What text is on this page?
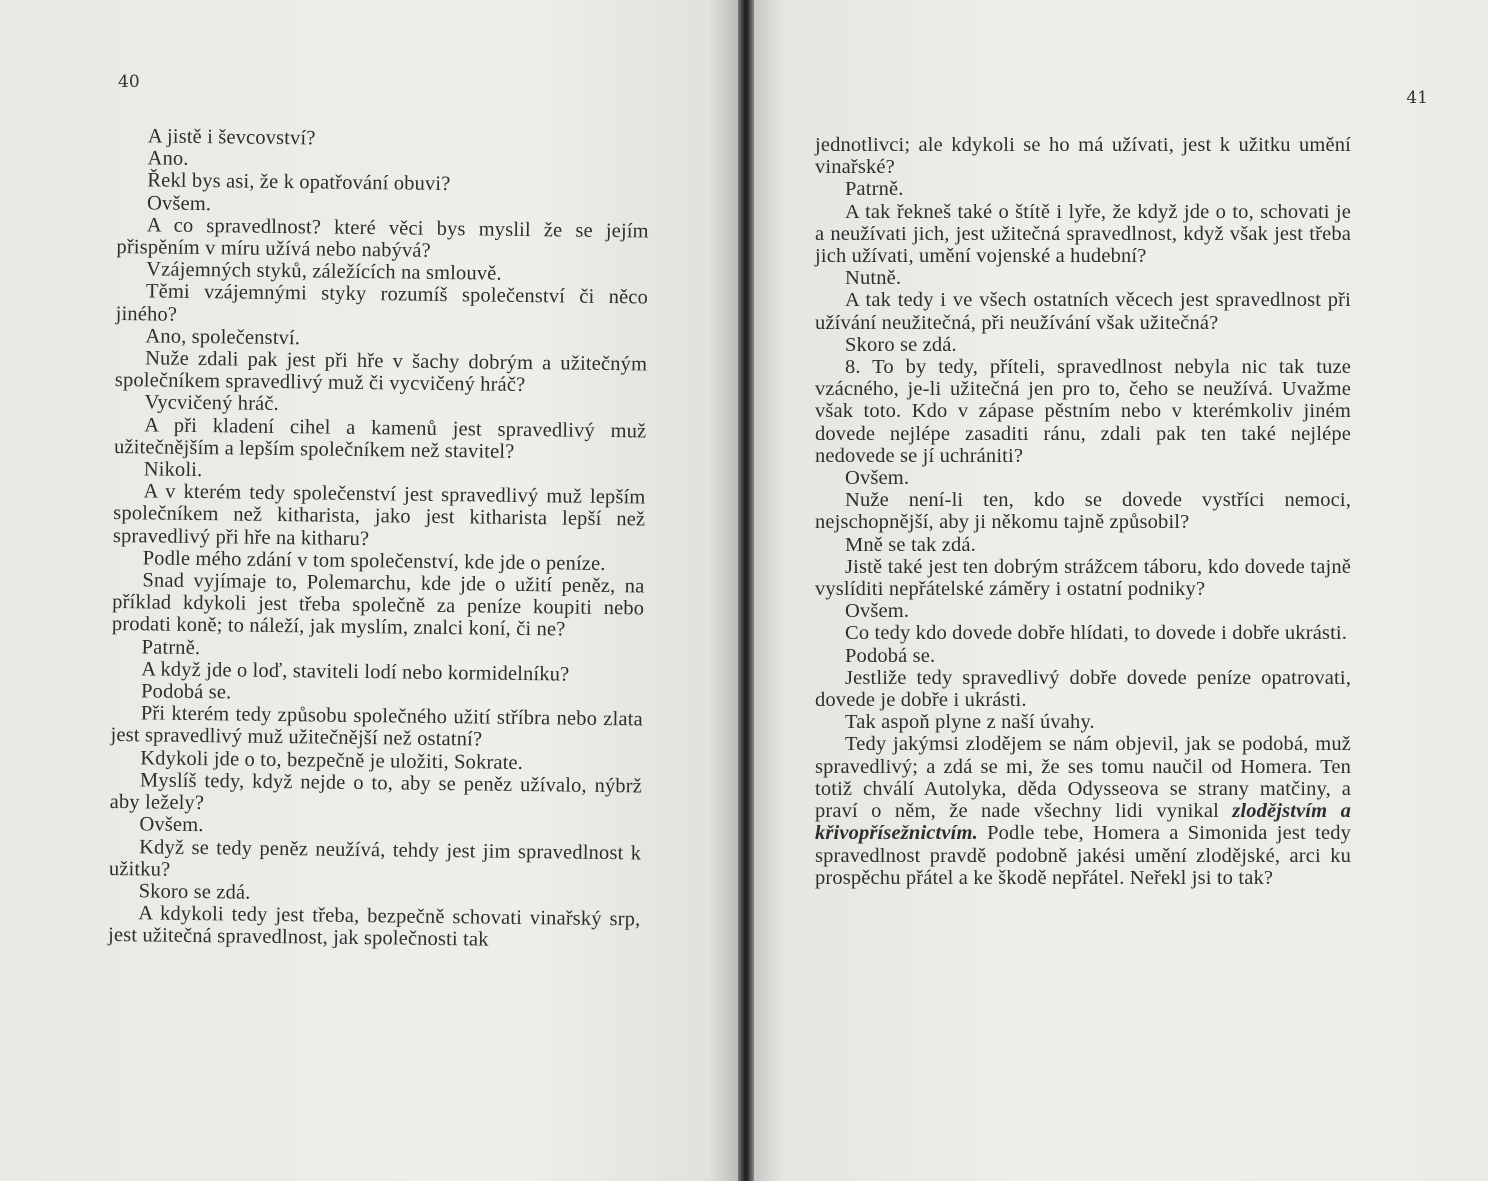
40

A jistě i ševcovství?

Ano.

Řekl bys asi, že k opatřování obuvi?

Ovšem.

A co spravedlnost? které věci bys myslil že se jejím přispěním v míru užívá nebo nabývá?

Vzájemných styků, záležících na smlouvě.

Těmi vzájemnými styky rozumíš společenství či něco jiného?

Ano, společenství.

Nuže zdali pak jest při hře v šachy dobrým a užitečným společníkem spravedlivý muž či vycvičený hráč?

Vycvičený hráč.

A při kladení cihel a kamenů jest spravedlivý muž užitečnějším a lepším společníkem než stavitel?

Nikoli.

A v kterém tedy společenství jest spravedlivý muž lepším společníkem než kitharista, jako jest kitharista lepší než spravedlivý při hře na kitharu?

Podle mého zdání v tom společenství, kde jde o peníze.

Snad vyjímaje to, Polemarchu, kde jde o užití peněz, na příklad kdykoli jest třeba společně za peníze koupiti nebo prodati koně; to náleží, jak myslím, znalci koní, či ne?

Patrně.

A když jde o loď, staviteli lodí nebo kormidelníku?

Podobá se.

Při kterém tedy způsobu společného užití stříbra nebo zlata jest spravedlivý muž užitečnější než ostatní?

Kdykoli jde o to, bezpečně je uložiti, Sokrate.

Myslíš tedy, když nejde o to, aby se peněz užívalo, nýbrž aby ležely?

Ovšem.

Když se tedy peněz neužívá, tehdy jest jim spravedlnost k užitku?

Skoro se zdá.

A kdykoli tedy jest třeba, bezpečně schovati vinařský srp, jest užitečná spravedlnost, jak společnosti tak

41

jednotlivci; ale kdykoli se ho má užívati, jest k užitku umění vinařské?

Patrně.

A tak řekneš také o štítě i lyře, že když jde o to, schovati je a neužívati jich, jest užitečná spravedlnost, když však jest třeba jich užívati, umění vojenské a hudební?

Nutně.

A tak tedy i ve všech ostatních věcech jest spravedlnost při užívání neužitečná, při neužívání však užitečná?

Skoro se zdá.

8. To by tedy, příteli, spravedlnost nebyla nic tak tuze vzácného, je-li užitečná jen pro to, čeho se neužívá. Uvažme však toto. Kdo v zápase pěstním nebo v kterémkoliv jiném dovede nejlépe zasaditi ránu, zdali pak ten také nejlépe nedovede se jí uchrániti?

Ovšem.

Nuže není-li ten, kdo se dovede vystříci nemoci, nejschopnější, aby ji někomu tajně způsobil?

Mně se tak zdá.

Jistě také jest ten dobrým strážcem táboru, kdo dovede tajně vyslíditi nepřátelské záměry i ostatní podniky?

Ovšem.

Co tedy kdo dovede dobře hlídati, to dovede i dobře ukrásti.

Podobá se.

Jestliže tedy spravedlivý dobře dovede peníze opatrovati, dovede je dobře i ukrásti.

Tak aspoň plyne z naší úvahy.

Tedy jakýmsi zlodějem se nám objevil, jak se podobá, muž spravedlivý; a zdá se mi, že ses tomu naučil od Homera. Ten totiž chválí Autolyka, děda Odysseova se strany matčiny, a praví o něm, že nade všechny lidi vynikal zlodějstvím a křivopřísežnictvím. Podle tebe, Homera a Simonida jest tedy spravedlnost pravdě podobně jakési umění zlodějské, arci ku prospěchu přátel a ke škodě nepřátel. Neřekl jsi to tak?
